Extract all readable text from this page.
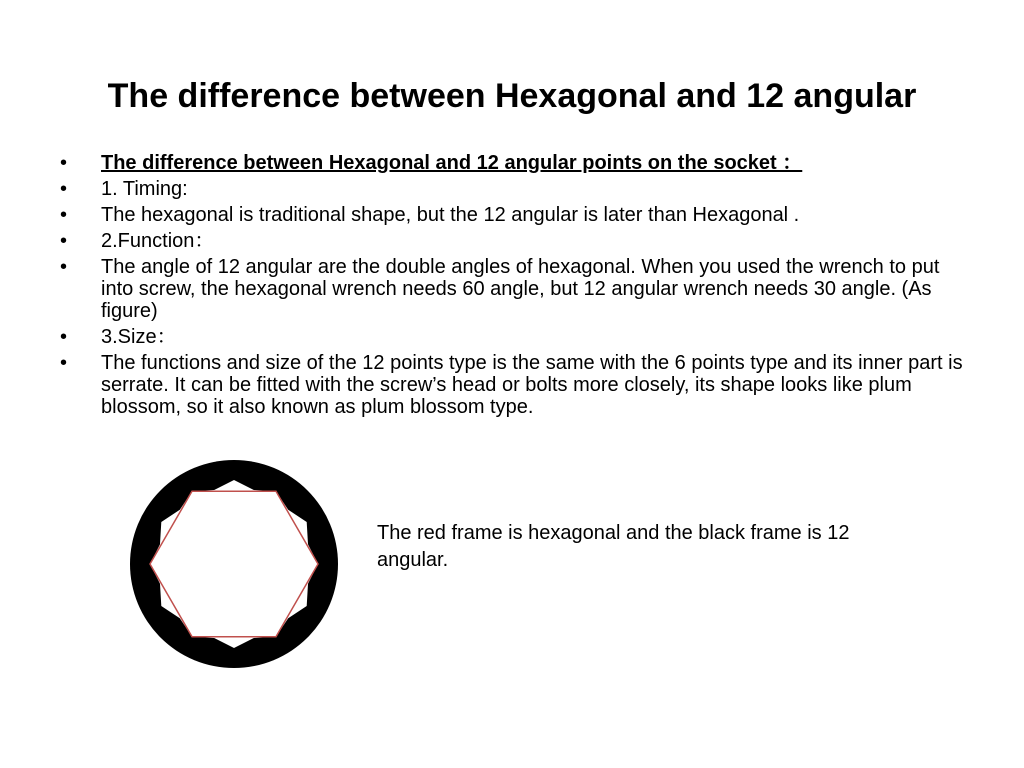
The difference between Hexagonal and 12 angular
•	The difference between Hexagonal and 12 angular points on the socket ：
•	1. Timing:
•	The hexagonal is traditional shape, but the 12 angular is later than Hexagonal .
•	2.Function：
•	The angle of 12 angular are the double angles of hexagonal. When you used the wrench to put into screw, the hexagonal wrench needs 60 angle, but 12 angular wrench needs 30 angle. (As figure)
•	3.Size：
•	The functions and size of the 12 points type is the same with the 6 points type and its inner part is serrate. It can be fitted with the screw’s head or bolts more closely, its shape looks like plum blossom, so it also known as plum blossom type.

The red frame is hexagonal and the black frame is 12 angular.
